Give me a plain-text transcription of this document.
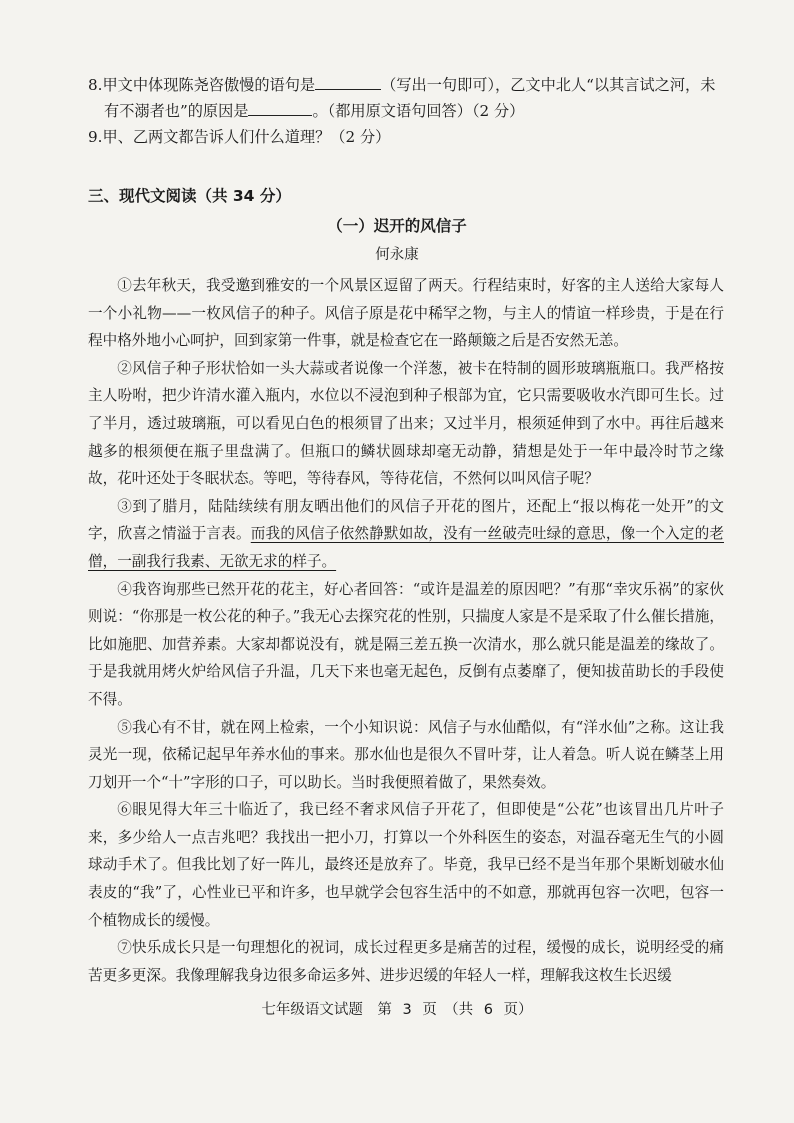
8.甲文中体现陈尧咨傲慢的语句是	（写出一句即可），乙文中北人“以其言试之河，未
有不溺者也”的原因是	。（都用原文语句回答）（2 分）
9.甲、乙两文都告诉人们什么道理？（2 分）
三、现代文阅读（共 34 分）
（一）迟开的风信子
何永康

①去年秋天，我受邀到雅安的一个风景区逗留了两天。行程结束时，好客的主人送给大家每人一个小礼物——一枚风信子的种子。风信子原是花中稀罕之物，与主人的情谊一样珍贵，于是在行程中格外地小心呵护，回到家第一件事，就是检查它在一路颠簸之后是否安然无恙。

②风信子种子形状恰如一头大蒜或者说像一个洋葱，被卡在特制的圆形玻璃瓶瓶口。我严格按主人吩咐，把少许清水灌入瓶内，水位以不浸泡到种子根部为宜，它只需要吸收水汽即可生长。过了半月，透过玻璃瓶，可以看见白色的根须冒了出来；又过半月，根须延伸到了水中。再往后越来越多的根须便在瓶子里盘满了。但瓶口的鳞状圆球却毫无动静，猜想是处于一年中最冷时节之缘故，花叶还处于冬眠状态。等吧，等待春风，等待花信，不然何以叫风信子呢？

③到了腊月，陆陆续续有朋友晒出他们的风信子开花的图片，还配上“报以梅花一处开”的文字，欣喜之情溢于言表。而我的风信子依然静默如故，没有一丝破壳吐绿的意思，像一个入定的老僧，一副我行我素、无欲无求的样子。

④我咨询那些已然开花的花主，好心者回答：“或许是温差的原因吧？”有那“幸灾乐祸”的家伙则说：“你那是一枚公花的种子。”我无心去探究花的性别，只揣度人家是不是采取了什么催长措施，比如施肥、加营养素。大家却都说没有，就是隔三差五换一次清水，那么就只能是温差的缘故了。于是我就用烤火炉给风信子升温，几天下来也毫无起色，反倒有点萎靡了，便知拔苗助长的手段使不得。

⑤我心有不甘，就在网上检索，一个小知识说：风信子与水仙酷似，有“洋水仙”之称。这让我灵光一现，依稀记起早年养水仙的事来。那水仙也是很久不冒叶芽，让人着急。听人说在鳞茎上用刀划开一个“十”字形的口子，可以助长。当时我便照着做了，果然奏效。

⑥眼见得大年三十临近了，我已经不奢求风信子开花了，但即使是“公花”也该冒出几片叶子来，多少给人一点吉兆吧？我找出一把小刀，打算以一个外科医生的姿态，对温吞毫无生气的小圆球动手术了。但我比划了好一阵儿，最终还是放弃了。毕竟，我早已经不是当年那个果断划破水仙表皮的“我”了，心性业已平和许多，也早就学会包容生活中的不如意，那就再包容一次吧，包容一个植物成长的缓慢。

⑦快乐成长只是一句理想化的祝词，成长过程更多是痛苦的过程，缓慢的成长，说明经受的痛苦更多更深。我像理解我身边很多命运多舛、进步迟缓的年轻人一样，理解我这枚生长迟缓

七年级语文试题　第 3 页　（共 6 页）
